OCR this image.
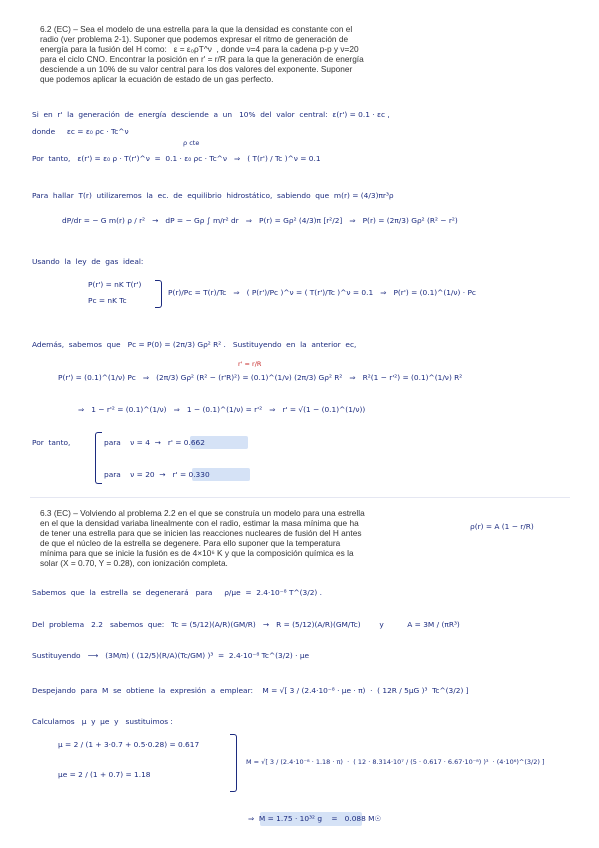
6.2 (EC) – Sea el modelo de una estrella para la que la densidad es constante con el
radio (ver problema 2-1). Suponer que podemos expresar el ritmo de generación de
energía para la fusión del H como:   ε = ε₀ρT^ν  , donde ν=4 para la cadena p-p y ν=20
para el ciclo CNO. Encontrar la posición en r' = r/R para la que la generación de energía
desciende a un 10% de su valor central para los dos valores del exponente. Suponer
que podemos aplicar la ecuación de estado de un gas perfecto.
Si  en  r'  la  generación  de  energía  desciende  a  un   10%  del  valor  central:  ε(r') = 0.1 · εc ,
donde     εc = ε₀ ρc · Tc^ν
ρ cte
Por  tanto,   ε(r') = ε₀ ρ · T(r')^ν  =  0.1 · ε₀ ρc · Tc^ν   ⇒   ( T(r') / Tc )^ν = 0.1
Para  hallar  T(r)  utilizaremos  la  ec.  de  equilibrio  hidrostático,  sabiendo  que  m(r) = (4/3)πr³ρ
dP/dr = − G m(r) ρ / r²   →   dP = − Gρ ∫ m/r² dr   ⇒   P(r) = Gρ² (4/3)π [r²/2]   ⇒   P(r) = (2π/3) Gρ² (R² − r²)
Usando  la  ley  de  gas  ideal:
P(r') = nK T(r')
Pc = nK Tc
P(r)/Pc = T(r)/Tc   ⇒   ( P(r')/Pc )^ν = ( T(r')/Tc )^ν = 0.1   ⇒   P(r') = (0.1)^(1/ν) · Pc
Además,  sabemos  que   Pc = P(0) = (2π/3) Gρ² R² .   Sustituyendo  en  la  anterior  ec,
r' = r/R
P(r') = (0.1)^(1/ν) Pc   ⇒   (2π/3) Gρ² (R² − (r'R)²) = (0.1)^(1/ν) (2π/3) Gρ² R²   ⇒   R²(1 − r'²) = (0.1)^(1/ν) R²
⇒   1 − r'² = (0.1)^(1/ν)   ⇒   1 − (0.1)^(1/ν) = r'²   ⇒   r' = √(1 − (0.1)^(1/ν))
Por  tanto,	para    ν = 4  →   r' = 0.662
para    ν = 20  →   r' = 0.330
6.3 (EC) – Volviendo al problema 2.2 en el que se construía un modelo para una estrella
en el que la densidad variaba linealmente con el radio, estimar la masa mínima que ha
de tener una estrella para que se inicien las reacciones nucleares de fusión del H antes
de que el núcleo de la estrella se degenere. Para ello suponer que la temperatura
mínima para que se inicie la fusión es de 4×10⁶ K y que la composición química es la
solar (X = 0.70, Y = 0.28), con ionización completa.
ρ(r) = A (1 − r/R)
Sabemos  que  la  estrella  se  degenerará   para     ρ/μe  =  2.4·10⁻⁸ T^(3/2) .
Del  problema   2.2   sabemos  que:   Tc = (5/12)(A/R)(GM/R)   →   R = (5/12)(A/R)(GM/Tc)        y          A = 3M / (πR³)
Sustituyendo   ⟶   (3M/π) ( (12/5)(R/A)(Tc/GM) )³  =  2.4·10⁻⁸ Tc^(3/2) · μe
Despejando  para  M  se  obtiene  la  expresión  a  emplear:    M = √[ 3 / (2.4·10⁻⁸ · μe · π)  ·  ( 12R / 5μG )³  Tc^(3/2) ]
Calculamos   μ  y  μe  y   sustituimos :
μ = 2 / (1 + 3·0.7 + 0.5·0.28) = 0.617
μe = 2 / (1 + 0.7) = 1.18
M = √[ 3 / (2.4·10⁻⁸ · 1.18 · π)  ·  ( 12 · 8.314·10⁷ / (5 · 0.617 · 6.67·10⁻⁸) )³  · (4·10⁶)^(3/2) ]
⇒  M = 1.75 · 10³² g    =   0.088 M☉
